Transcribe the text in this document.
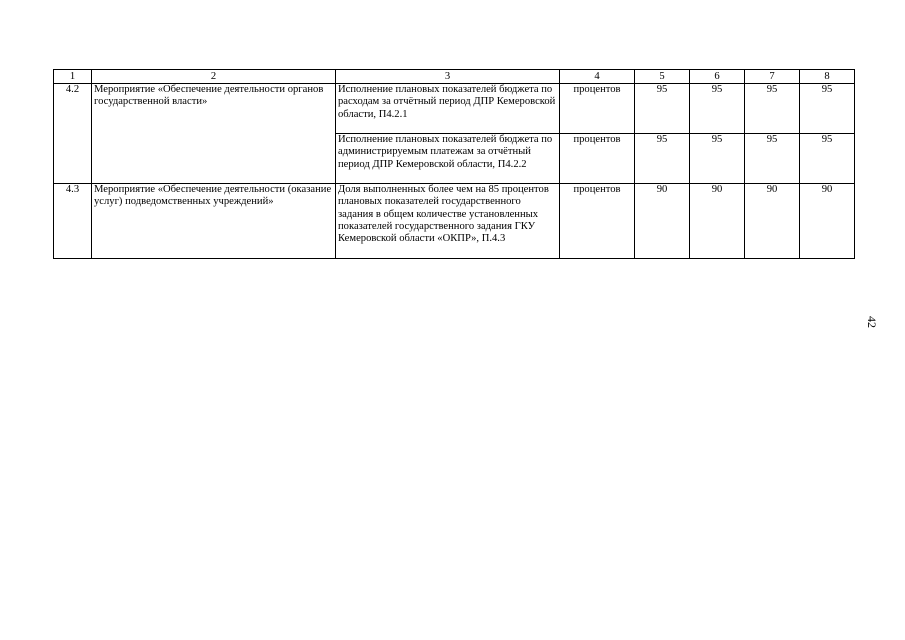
1	2	3	4	5	6	7	8
4.2	Мероприятие «Обеспечение деятельности органов государственной власти»	Исполнение плановых показателей бюджета по расходам за отчётный период ДПР Кемеровской области, П4.2.1	процентов	95	95	95	95
		Исполнение плановых показателей бюджета по администрируемым платежам за отчётный период ДПР Кемеровской области, П4.2.2	процентов	95	95	95	95
4.3	Мероприятие «Обеспечение деятельности (оказание услуг) подведомственных учреждений»	Доля выполненных более чем на 85 процентов плановых показателей государственного задания в общем количестве установленных показателей государственного задания ГКУ Кемеровской области «ОКПР», П.4.3	процентов	90	90	90	90
42
